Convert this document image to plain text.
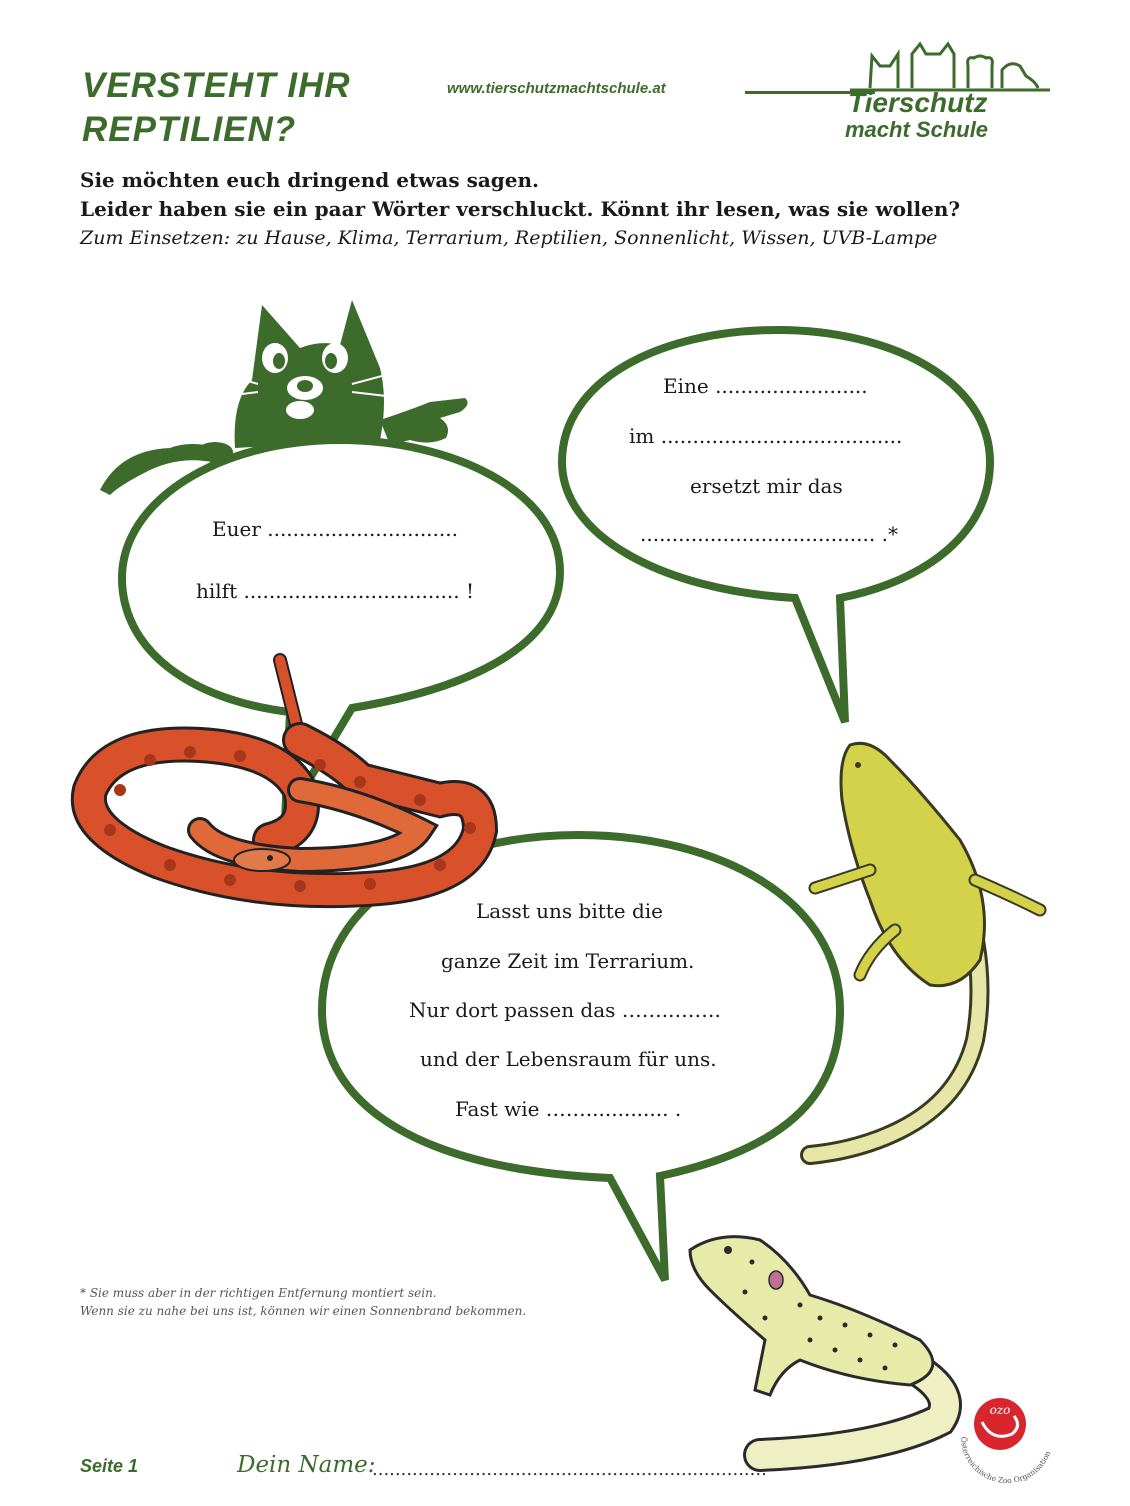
VERSTEHT IHR
REPTILIEN?
www.tierschutzmachtschule.at	Tierschutz
macht Schule

Sie möchten euch dringend etwas sagen.

Leider haben sie ein paar Wörter verschluckt. Könnt ihr lesen, was sie wollen?

Zum Einsetzen: zu Hause, Klima, Terrarium, Reptilien, Sonnenlicht, Wissen, UVB-Lampe

Euer ..............................
hilft .................................. !
Eine ........................
im ......................................
ersetzt mir das
..................................... .*
Lasst uns bitte die
ganze Zeit im Terrarium.
Nur dort passen das ……..…….
und der Lebensraum für uns.
Fast wie ……............. .
* Sie muss aber in der richtigen Entfernung montiert sein.
Wenn sie zu nahe bei uns ist, können wir einen Sonnenbrand bekommen.
Seite 1	Dein Name:
.....................................................................
ozo
Österreichische Zoo Organisation
